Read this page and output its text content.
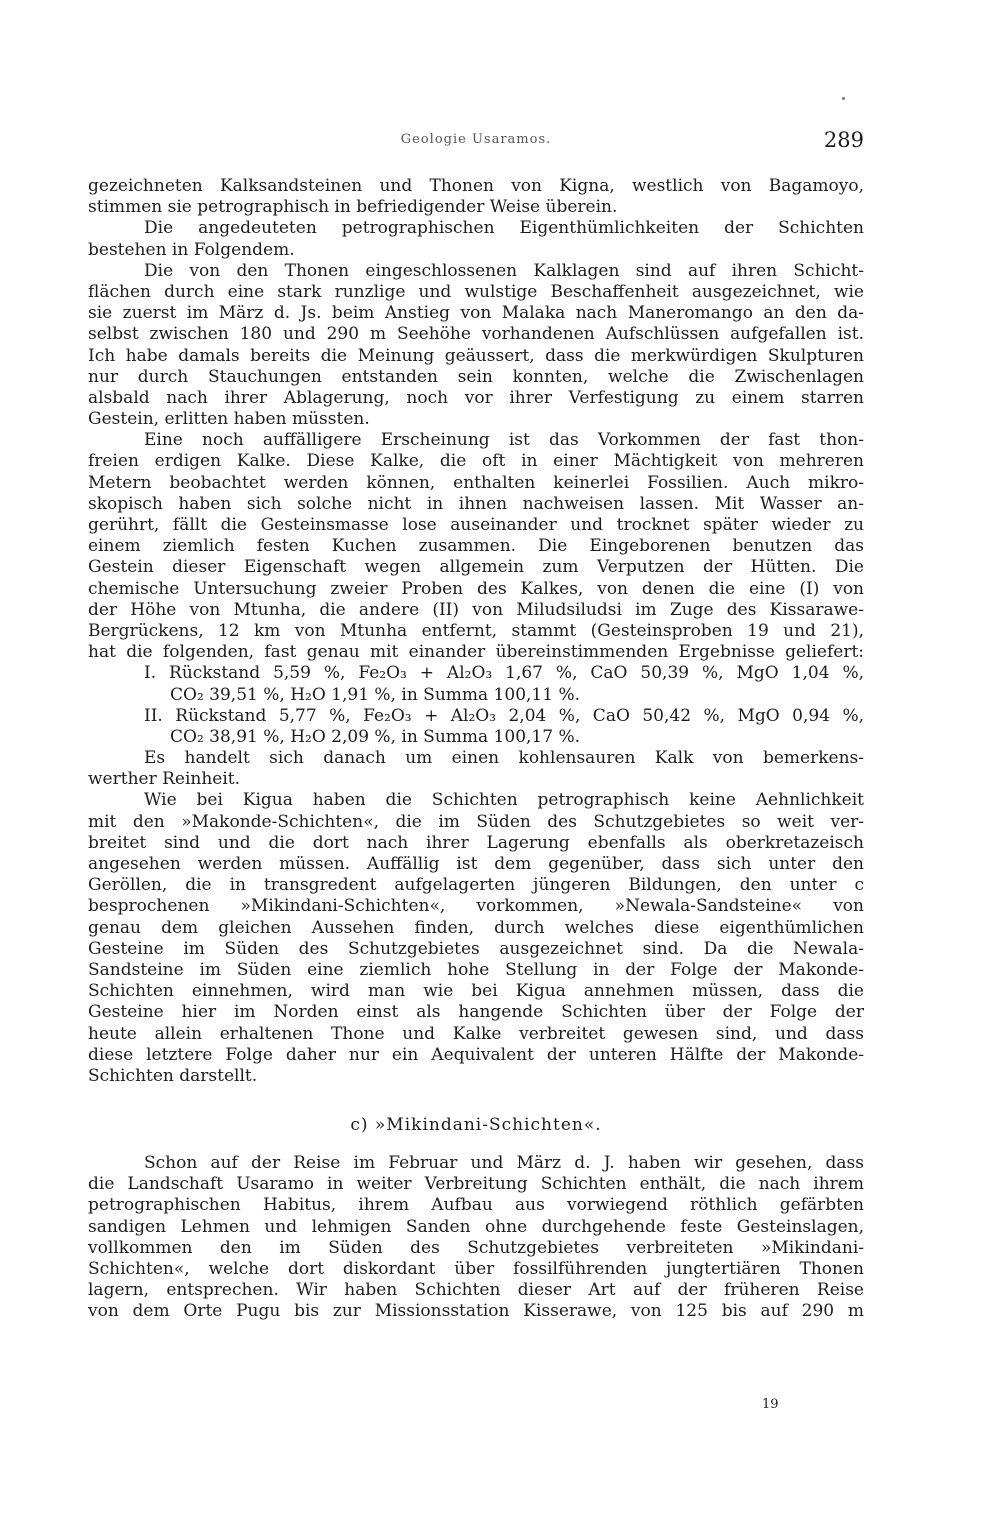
Geologie Usaramos.	289
gezeichneten Kalksandsteinen und Thonen von Kigna, westlich von Bagamoyo,
stimmen sie petrographisch in befriedigender Weise überein.
Die angedeuteten petrographischen Eigenthümlichkeiten der Schichten
bestehen in Folgendem.
Die von den Thonen eingeschlossenen Kalklagen sind auf ihren Schicht-
flächen durch eine stark runzlige und wulstige Beschaffenheit ausgezeichnet, wie
sie zuerst im März d. Js. beim Anstieg von Malaka nach Maneromango an den da-
selbst zwischen 180 und 290 m Seehöhe vorhandenen Aufschlüssen aufgefallen ist.
Ich habe damals bereits die Meinung geäussert, dass die merkwürdigen Skulpturen
nur durch Stauchungen entstanden sein konnten, welche die Zwischenlagen
alsbald nach ihrer Ablagerung, noch vor ihrer Verfestigung zu einem starren
Gestein, erlitten haben müssten.
Eine noch auffälligere Erscheinung ist das Vorkommen der fast thon-
freien erdigen Kalke. Diese Kalke, die oft in einer Mächtigkeit von mehreren
Metern beobachtet werden können, enthalten keinerlei Fossilien. Auch mikro-
skopisch haben sich solche nicht in ihnen nachweisen lassen. Mit Wasser an-
gerührt, fällt die Gesteinsmasse lose auseinander und trocknet später wieder zu
einem ziemlich festen Kuchen zusammen. Die Eingeborenen benutzen das
Gestein dieser Eigenschaft wegen allgemein zum Verputzen der Hütten. Die
chemische Untersuchung zweier Proben des Kalkes, von denen die eine (I) von
der Höhe von Mtunha, die andere (II) von Miludsiludsi im Zuge des Kissarawe-
Bergrückens, 12 km von Mtunha entfernt, stammt (Gesteinsproben 19 und 21),
hat die folgenden, fast genau mit einander übereinstimmenden Ergebnisse geliefert:
I. Rückstand 5,59 %, Fe₂O₃ + Al₂O₃ 1,67 %, CaO 50,39 %, MgO 1,04 %,
CO₂ 39,51 %, H₂O 1,91 %, in Summa 100,11 %.
II. Rückstand 5,77 %, Fe₂O₃ + Al₂O₃ 2,04 %, CaO 50,42 %, MgO 0,94 %,
CO₂ 38,91 %, H₂O 2,09 %, in Summa 100,17 %.
Es handelt sich danach um einen kohlensauren Kalk von bemerkens-
werther Reinheit.
Wie bei Kigua haben die Schichten petrographisch keine Aehnlichkeit
mit den »Makonde-Schichten«, die im Süden des Schutzgebietes so weit ver-
breitet sind und die dort nach ihrer Lagerung ebenfalls als oberkretazeisch
angesehen werden müssen. Auffällig ist dem gegenüber, dass sich unter den
Geröllen, die in transgredent aufgelagerten jüngeren Bildungen, den unter c
besprochenen »Mikindani-Schichten«, vorkommen, »Newala-Sandsteine« von
genau dem gleichen Aussehen finden, durch welches diese eigenthümlichen
Gesteine im Süden des Schutzgebietes ausgezeichnet sind. Da die Newala-
Sandsteine im Süden eine ziemlich hohe Stellung in der Folge der Makonde-
Schichten einnehmen, wird man wie bei Kigua annehmen müssen, dass die
Gesteine hier im Norden einst als hangende Schichten über der Folge der
heute allein erhaltenen Thone und Kalke verbreitet gewesen sind, und dass
diese letztere Folge daher nur ein Aequivalent der unteren Hälfte der Makonde-
Schichten darstellt.
c) »Mikindani-Schichten«.
Schon auf der Reise im Februar und März d. J. haben wir gesehen, dass
die Landschaft Usaramo in weiter Verbreitung Schichten enthält, die nach ihrem
petrographischen Habitus, ihrem Aufbau aus vorwiegend röthlich gefärbten
sandigen Lehmen und lehmigen Sanden ohne durchgehende feste Gesteinslagen,
vollkommen den im Süden des Schutzgebietes verbreiteten »Mikindani-
Schichten«, welche dort diskordant über fossilführenden jungtertiären Thonen
lagern, entsprechen. Wir haben Schichten dieser Art auf der früheren Reise
von dem Orte Pugu bis zur Missionsstation Kisserawe, von 125 bis auf 290 m
19
